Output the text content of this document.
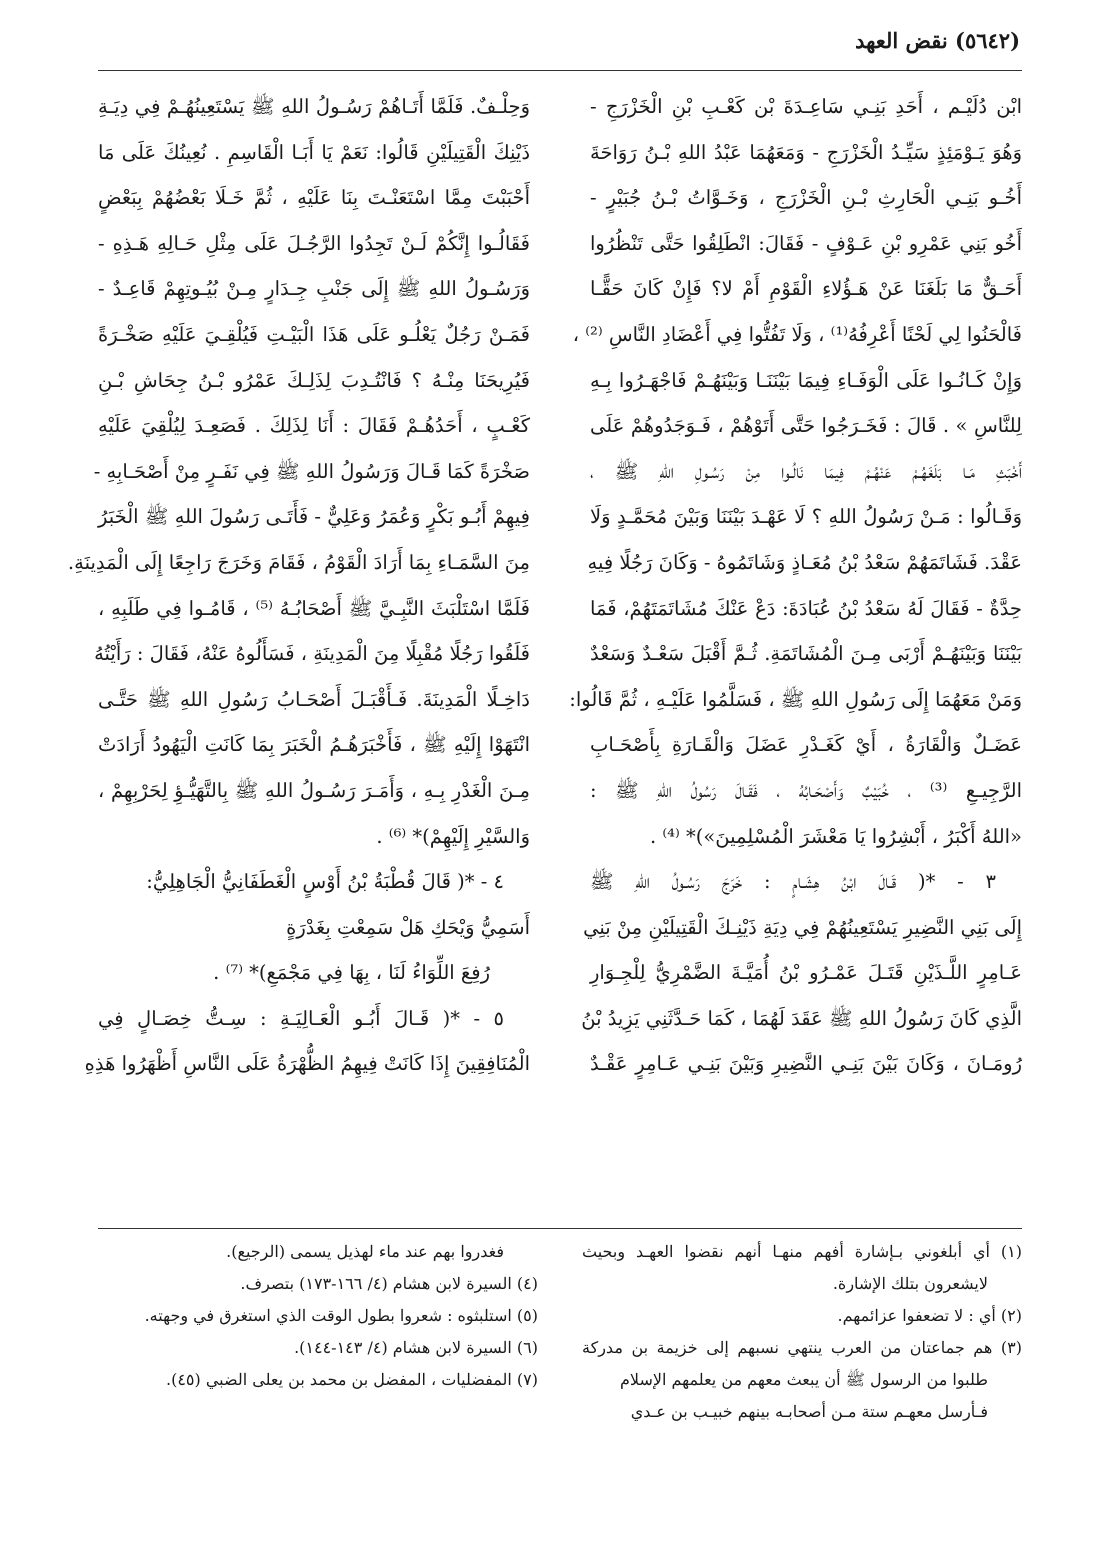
(٥٦٤٢) نقض العهد
ابْن دُلَيْـم ، أَحَدِ بَنِـي سَاعِـدَةَ بْن كَعْـبِ بْنِ الْخَزْرَجِ -
وَهُوَ يَـوْمَئِذٍ سَيِّـدُ الْخَزْرَجِ - وَمَعَهُمَا عَبْدُ اللهِ بْـنُ رَوَاحَةَ
أَخُـو بَنِـي الْحَارِثِ بْـنِ الْخَزْرَجِ ، وَخَـوَّاتُ بْـنُ جُبَيْرٍ -
أَخُو بَنِي عَمْرِو بْنِ عَـوْفٍ - فَقَالَ: انْطَلِقُوا حَتَّى تَنْظُرُوا
أَحَـقٌّ مَا بَلَغَنَا عَنْ هَـؤُلاءِ الْقَوْمِ أَمْ لا؟ فَإِنْ كَانَ حَقًّـا
فَالْحَنُوا لِي لَحْنًا أَعْرِفُهُ⁽¹⁾ ، وَلَا تَفُتُّوا فِي أَعْضَادِ النَّاسِ ⁽²⁾ ،
وَإِنْ كَـانُـوا عَلَى الْوَفَـاءِ فِيمَا بَيْنَنَـا وَبَيْنَهُـمْ فَاجْهَـرُوا بِـهِ
لِلنَّاسِ » . قَالَ : فَخَـرَجُوا حَتَّى أَتَوْهُمْ ، فَـوَجَدُوهُمْ عَلَى
أَخْبَثِ مَـا بَلَغَهُـمْ عَنْهُـمْ فِيمَا نَالُـوا مِنْ رَسُـولِ اللهِ ﷺ ،
وَقَـالُوا : مَـنْ رَسُولُ اللهِ ؟ لَا عَهْـدَ بَيْنَنَا وَبَيْنَ مُحَمَّـدٍ وَلَا
عَقْدَ. فَشَاتَمَهُمْ سَعْدُ بْنُ مُعَـاذٍ وَشَاتَمُوهُ - وَكَانَ رَجُلًا فِيهِ
حِدَّةٌ - فَقَالَ لَهُ سَعْدُ بْنُ عُبَادَةَ: دَعْ عَنْكَ مُشَاتَمَتَهُمْ، فَمَا
بَيْنَنَا وَبَيْنَهُـمْ أَرْبَى مِـنَ الْمُشَاتَمَةِ. ثُـمَّ أَقْبَلَ سَعْـدٌ وَسَعْدٌ
وَمَنْ مَعَهُمَا إِلَى رَسُولِ اللهِ ﷺ ، فَسَلَّمُوا عَلَيْـهِ ، ثُمَّ قَالُوا:
عَضَـلٌ وَالْقَارَةُ ، أَيْ كَغَـدْرِ عَضَلَ وَالْقَـارَةِ بِأَصْحَـابِ
الرَّجِيـعِ ⁽³⁾ ، خُبَيْبٌ وَأَصْحَـابُهُ ، فَقَـالَ رَسُولُ اللهِ ﷺ :
«اللهُ أَكْبَرُ ، أَبْشِرُوا يَا مَعْشَرَ الْمُسْلِمِينَ»)* ⁽⁴⁾ .
٣ - *( قَـالَ ابْنُ هِشَـامٍ : خَرَجَ رَسُـولُ اللهِ ﷺ
إِلَى بَنِي النَّضِيرِ يَسْتَعِينُهُمْ فِي دِيَةِ ذَيْنِـكَ الْقَتِيلَيْنِ مِنْ بَنِي
عَـامِرٍ اللَّـذَيْنِ قَتَـلَ عَمْـرُو بْنُ أُمَيَّـةَ الضَّمْرِيُّ لِلْجِـوَارِ
الَّذِي كَانَ رَسُولُ اللهِ ﷺ عَقَدَ لَهُمَا ، كَمَا حَـدَّثَنِي يَزِيدُ بْنُ
رُومَـانَ ، وَكَانَ بَيْنَ بَنِـي النَّضِيرِ وَبَيْنَ بَنِـي عَـامِرٍ عَقْـدٌ
وَحِلْـفٌ. فَلَمَّا أَتَـاهُمْ رَسُـولُ اللهِ ﷺ يَسْتَعِينُهُـمْ فِي دِيَـةِ
ذَيْنِكَ الْقَتِيلَيْنِ قَالُوا: نَعَمْ يَا أَبَـا الْقَاسِمِ . نُعِينُكَ عَلَى مَا
أَحْبَبْتَ مِمَّا اسْتَعَنْـتَ بِنَا عَلَيْهِ ، ثُمَّ خَـلَا بَعْضُهُمْ بِبَعْضٍ
فَقَالُـوا إِنَّكُمْ لَـنْ تَجِدُوا الرَّجُـلَ عَلَى مِثْلِ حَـالِهِ هَـذِهِ -
وَرَسُـولُ اللهِ ﷺ إِلَى جَنْبِ جِـدَارٍ مِـنْ بُيُـوتِهِمْ قَاعِـدٌ -
فَمَـنْ رَجُلٌ يَعْلُـو عَلَى هَذَا الْبَيْـتِ فَيُلْقِـيَ عَلَيْهِ صَخْـرَةً
فَيُرِيحَنَا مِنْـهُ ؟ فَانْتُـدِبَ لِذَلِـكَ عَمْرُو بْـنُ جِحَاشِ بْـنِ
كَعْـبٍ ، أَحَدُهُـمْ فَقَالَ : أَنَا لِذَلِكَ . فَصَعِـدَ لِيُلْقِيَ عَلَيْهِ
صَخْرَةً كَمَا قَـالَ وَرَسُولُ اللهِ ﷺ فِي نَفَـرٍ مِنْ أَصْحَـابِهِ -
فِيهِمْ أَبُـو بَكْرٍ وَعُمَرُ وَعَلِيٌّ - فَأَتَـى رَسُولَ اللهِ ﷺ الْخَبَرُ
مِنَ السَّمَـاءِ بِمَا أَرَادَ الْقَوْمُ ، فَقَامَ وَخَرَجَ رَاجِعًا إِلَى الْمَدِينَةِ.
فَلَمَّا اسْتَلْبَثَ النَّبِـيَّ ﷺ أَصْحَابُـهُ ⁽⁵⁾ ، قَامُـوا فِي طَلَبِهِ ،
فَلَقُوا رَجُلًا مُقْبِلًا مِنَ الْمَدِينَةِ ، فَسَأَلُوهُ عَنْهُ، فَقَالَ : رَأَيْتُهُ
دَاخِـلًا الْمَدِينَةَ. فَـأَقْبَـلَ أَصْحَـابُ رَسُولِ اللهِ ﷺ حَتَّـى
انْتَهَوْا إِلَيْهِ ﷺ ، فَأَخْبَرَهُـمُ الْخَبَرَ بِمَا كَانَتِ الْيَهُودُ أَرَادَتْ
مِـنَ الْغَدْرِ بِـهِ ، وَأَمَـرَ رَسُـولُ اللهِ ﷺ بِالتَّهَيُّـؤِ لِحَرْبِهِمْ ،
وَالسَّيْرِ إِلَيْهِمْ)* ⁽⁶⁾ .
٤ - *( قَالَ قُطْبَةُ بْنُ أَوْسٍ الْغَطَفَانِيُّ الْجَاهِلِيُّ:
أَسَمِيُّ وَيْحَكِ هَلْ سَمِعْتِ بِغَدْرَةٍ
رُفِعَ اللِّوَاءُ لَنَا ، بِهَا فِي مَجْمَعِ)* ⁽⁷⁾ .
٥ - *( قَـالَ أَبُـو الْعَـالِيَـةِ : سِـتُّ خِصَـالٍ فِي
الْمُنَافِقِينَ إِذَا كَانَتْ فِيهِمُ الظُّهْرَةُ عَلَى النَّاسِ أَظْهَرُوا هَذِهِ
(١) أي أبلغوني بـإشارة أفهم منهـا أنهم نقضوا العهـد وبحيث
لايشعرون بتلك الإشارة.
(٢) أي : لا تضعفوا عزائمهم.
(٣) هم جماعتان من العرب ينتهي نسبهم إلى خزيمة بن مدركة
طلبوا من الرسول ﷺ أن يبعث معهم من يعلمهم الإسلام
فـأرسل معهـم ستة مـن أصحابـه بينهم خبيـب بن عـدي
فغدروا بهم عند ماء لهذيل يسمى (الرجيع).
(٤) السيرة لابن هشام (٤/ ١٦٦-١٧٣) بتصرف.
(٥) استلبثوه : شعروا بطول الوقت الذي استغرق في وجهته.
(٦) السيرة لابن هشام (٤/ ١٤٣-١٤٤).
(٧) المفضليات ، المفضل بن محمد بن يعلى الضبي (٤٥).
